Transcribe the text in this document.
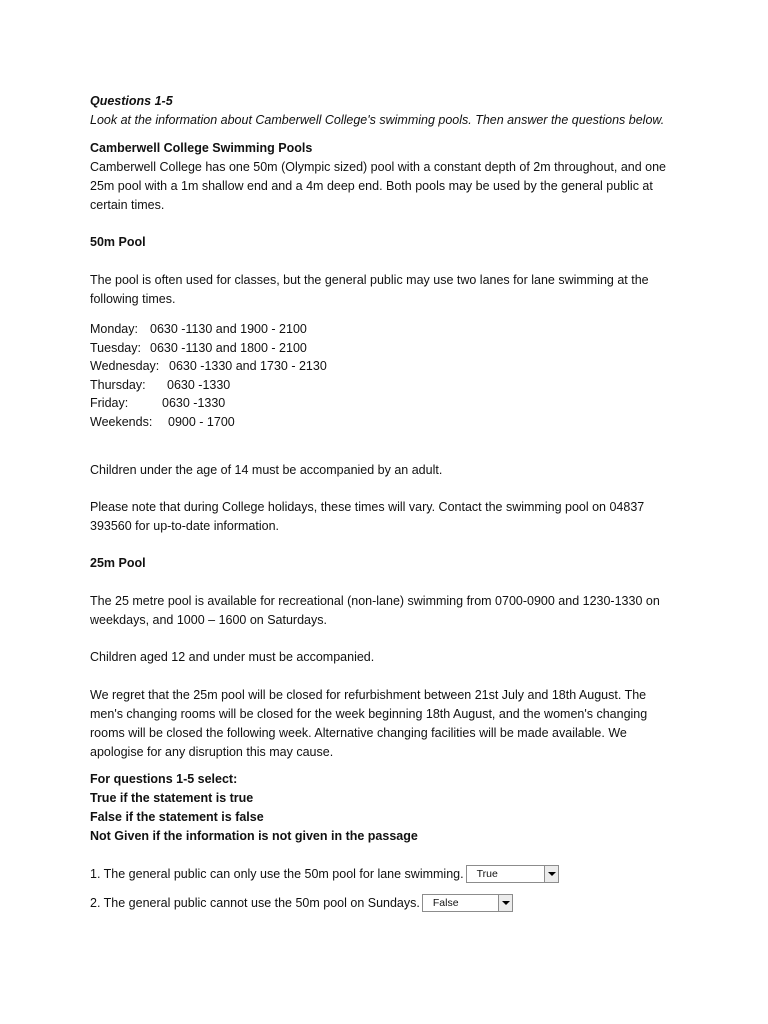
Questions 1-5
Look at the information about Camberwell College's swimming pools. Then answer the questions below.
Camberwell College Swimming Pools
Camberwell College has one 50m (Olympic sized) pool with a constant depth of 2m throughout, and one
25m pool with a 1m shallow end and a 4m deep end. Both pools may be used by the general public at
certain times.
50m Pool
The pool is often used for classes, but the general public may use two lanes for lane swimming at the
following times.
Monday: 0630 -1130 and 1900 - 2100
Tuesday: 0630 -1130 and 1800 - 2100
Wednesday: 0630 -1330 and 1730 - 2130
Thursday:	0630 -1330
Friday:	0630 -1330
Weekends:	0900 - 1700
Children under the age of 14 must be accompanied by an adult.
Please note that during College holidays, these times will vary. Contact the swimming pool on 04837
393560 for up-to-date information.
25m Pool
The 25 metre pool is available for recreational (non-lane) swimming from 0700-0900 and 1230-1330 on
weekdays, and 1000 – 1600 on Saturdays.
Children aged 12 and under must be accompanied.
We regret that the 25m pool will be closed for refurbishment between 21st July and 18th August. The
men's changing rooms will be closed for the week beginning 18th August, and the women's changing
rooms will be closed the following week. Alternative changing facilities will be made available. We
apologise for any disruption this may cause.
For questions 1-5 select:
True if the statement is true
False if the statement is false
Not Given if the information is not given in the passage
1. The general public can only use the 50m pool for lane swimming. True
2. The general public cannot use the 50m pool on Sundays. False
